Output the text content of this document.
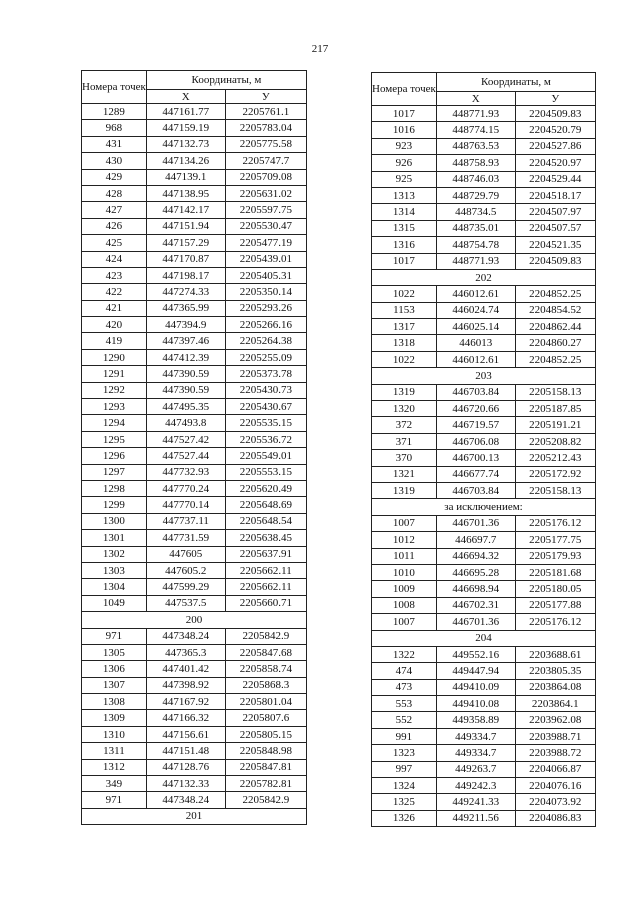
217
Номера точек	Координаты, м	
	X	У
1289	447161.77	2205761.1
968	447159.19	2205783.04
431	447132.73	2205775.58
430	447134.26	2205747.7
429	447139.1	2205709.08
428	447138.95	2205631.02
427	447142.17	2205597.75
426	447151.94	2205530.47
425	447157.29	2205477.19
424	447170.87	2205439.01
423	447198.17	2205405.31
422	447274.33	2205350.14
421	447365.99	2205293.26
420	447394.9	2205266.16
419	447397.46	2205264.38
1290	447412.39	2205255.09
1291	447390.59	2205373.78
1292	447390.59	2205430.73
1293	447495.35	2205430.67
1294	447493.8	2205535.15
1295	447527.42	2205536.72
1296	447527.44	2205549.01
1297	447732.93	2205553.15
1298	447770.24	2205620.49
1299	447770.14	2205648.69
1300	447737.11	2205648.54
1301	447731.59	2205638.45
1302	447605	2205637.91
1303	447605.2	2205662.11
1304	447599.29	2205662.11
1049	447537.5	2205660.71
200		
971	447348.24	2205842.9
1305	447365.3	2205847.68
1306	447401.42	2205858.74
1307	447398.92	2205868.3
1308	447167.92	2205801.04
1309	447166.32	2205807.6
1310	447156.61	2205805.15
1311	447151.48	2205848.98
1312	447128.76	2205847.81
349	447132.33	2205782.81
971	447348.24	2205842.9
201		
Номера точек	Координаты, м	
	X	У
1017	448771.93	2204509.83
1016	448774.15	2204520.79
923	448763.53	2204527.86
926	448758.93	2204520.97
925	448746.03	2204529.44
1313	448729.79	2204518.17
1314	448734.5	2204507.97
1315	448735.01	2204507.57
1316	448754.78	2204521.35
1017	448771.93	2204509.83
202		
1022	446012.61	2204852.25
1153	446024.74	2204854.52
1317	446025.14	2204862.44
1318	446013	2204860.27
1022	446012.61	2204852.25
203		
1319	446703.84	2205158.13
1320	446720.66	2205187.85
372	446719.57	2205191.21
371	446706.08	2205208.82
370	446700.13	2205212.43
1321	446677.74	2205172.92
1319	446703.84	2205158.13
за исключением:		
1007	446701.36	2205176.12
1012	446697.7	2205177.75
1011	446694.32	2205179.93
1010	446695.28	2205181.68
1009	446698.94	2205180.05
1008	446702.31	2205177.88
1007	446701.36	2205176.12
204		
1322	449552.16	2203688.61
474	449447.94	2203805.35
473	449410.09	2203864.08
553	449410.08	2203864.1
552	449358.89	2203962.08
991	449334.7	2203988.71
1323	449334.7	2203988.72
997	449263.7	2204066.87
1324	449242.3	2204076.16
1325	449241.33	2204073.92
1326	449211.56	2204086.83
